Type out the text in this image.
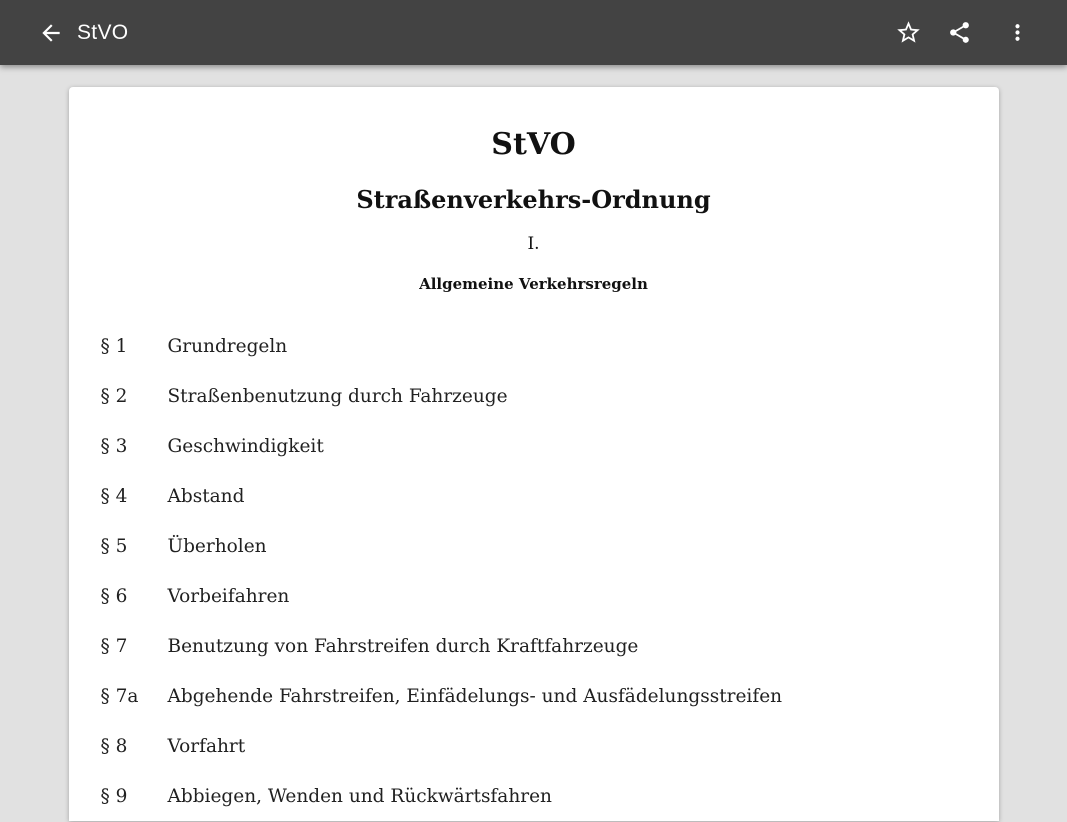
StVO
StVO
Straßenverkehrs-Ordnung
I.
Allgemeine Verkehrsregeln
§ 1	Grundregeln
§ 2	Straßenbenutzung durch Fahrzeuge
§ 3	Geschwindigkeit
§ 4	Abstand
§ 5	Überholen
§ 6	Vorbeifahren
§ 7	Benutzung von Fahrstreifen durch Kraftfahrzeuge
§ 7a	Abgehende Fahrstreifen, Einfädelungs- und Ausfädelungsstreifen
§ 8	Vorfahrt
§ 9	Abbiegen, Wenden und Rückwärtsfahren
